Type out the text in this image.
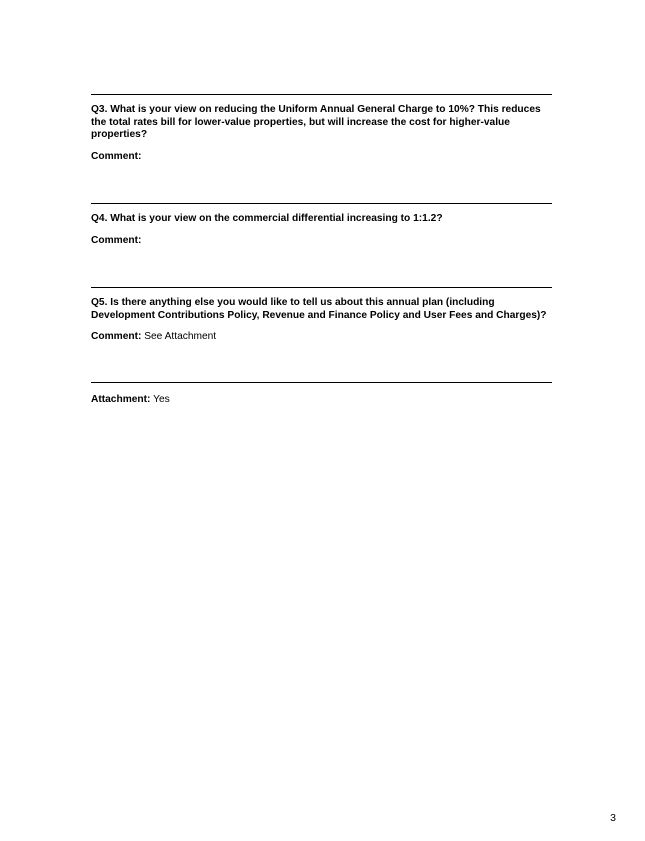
Q3. What is your view on reducing the Uniform Annual General Charge to 10%? This reduces the total rates bill for lower-value properties, but will increase the cost for higher-value properties?

Comment:

Q4. What is your view on the commercial differential increasing to 1:1.2?

Comment:

Q5. Is there anything else you would like to tell us about this annual plan (including Development Contributions Policy, Revenue and Finance Policy and User Fees and Charges)?

Comment: See Attachment

Attachment: Yes

3
